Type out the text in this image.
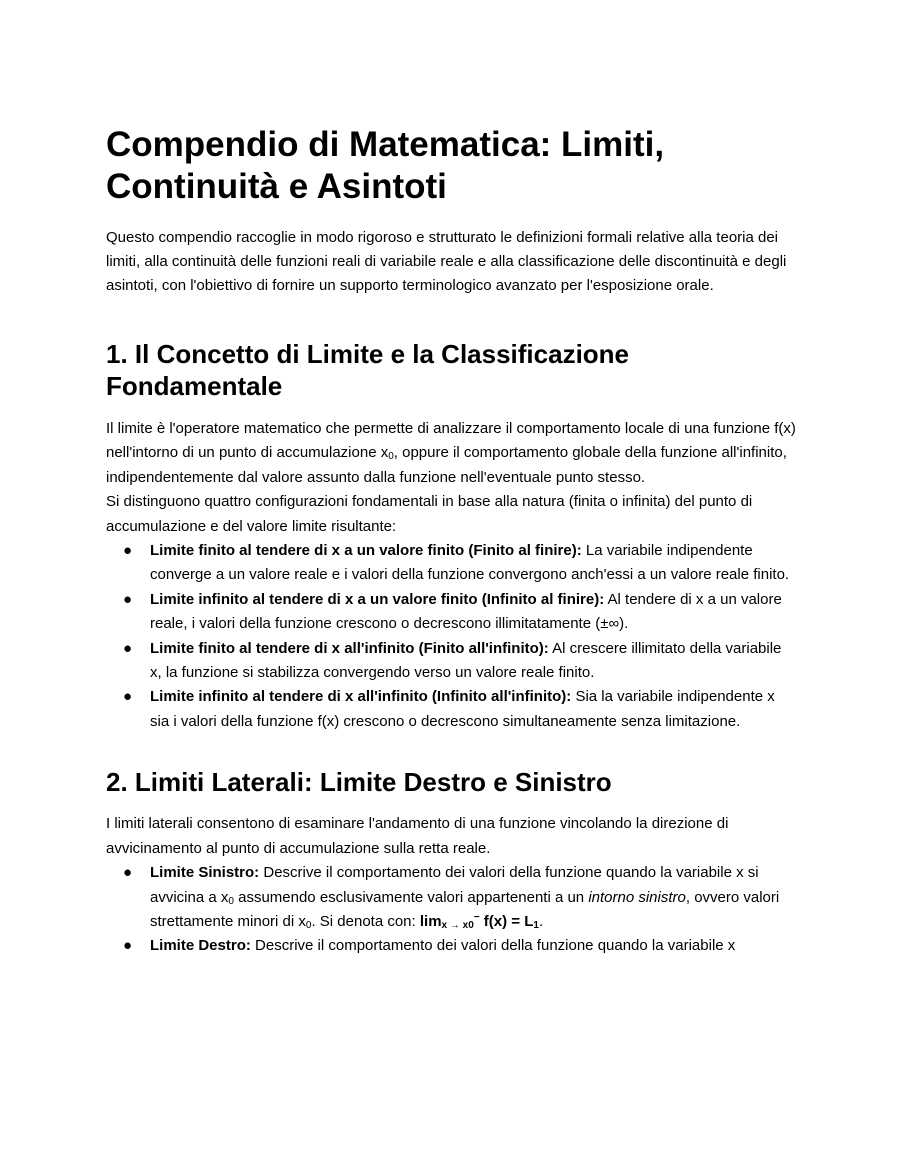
Compendio di Matematica: Limiti, Continuità e Asintoti

Questo compendio raccoglie in modo rigoroso e strutturato le definizioni formali relative alla teoria dei limiti, alla continuità delle funzioni reali di variabile reale e alla classificazione delle discontinuità e degli asintoti, con l'obiettivo di fornire un supporto terminologico avanzato per l'esposizione orale.

1. Il Concetto di Limite e la Classificazione Fondamentale

Il limite è l'operatore matematico che permette di analizzare il comportamento locale di una funzione f(x) nell'intorno di un punto di accumulazione $x_0$, oppure il comportamento globale della funzione all'infinito, indipendentemente dal valore assunto dalla funzione nell'eventuale punto stesso.

Si distinguono quattro configurazioni fondamentali in base alla natura (finita o infinita) del punto di accumulazione e del valore limite risultante:

● Limite finito al tendere di x a un valore finito (Finito al finire): La variabile indipendente converge a un valore reale e i valori della funzione convergono anch'essi a un valore reale finito.
● Limite infinito al tendere di x a un valore finito (Infinito al finire): Al tendere di x a un valore reale, i valori della funzione crescono o decrescono illimitatamente (±∞).
● Limite finito al tendere di x all'infinito (Finito all'infinito): Al crescere illimitato della variabile x, la funzione si stabilizza convergendo verso un valore reale finito.
● Limite infinito al tendere di x all'infinito (Infinito all'infinito): Sia la variabile indipendente x sia i valori della funzione f(x) crescono o decrescono simultaneamente senza limitazione.
2. Limiti Laterali: Limite Destro e Sinistro

I limiti laterali consentono di esaminare l'andamento di una funzione vincolando la direzione di avvicinamento al punto di accumulazione sulla retta reale.

● Limite Sinistro: Descrive il comportamento dei valori della funzione quando la variabile x si avvicina a $x_0$ assumendo esclusivamente valori appartenenti a un intorno sinistro, ovvero valori strettamente minori di $x_0$. Si denota con: $\lim_{x \to x0}^- f(x) = L_1$.
● Limite Destro: Descrive il comportamento dei valori della funzione quando la variabile x
